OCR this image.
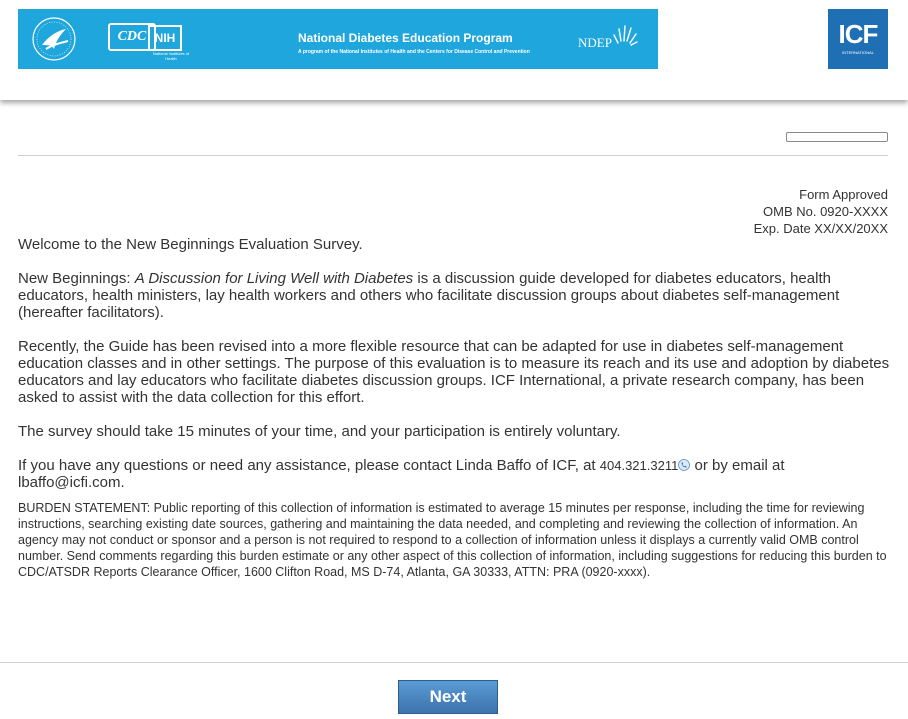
CDC NIH
National Institutes of Health
National Diabetes Education Program
A program of the National Institutes of Health and the Centers for Disease Control and Prevention
NDEP	ICF
INTERNATIONAL
Form Approved
OMB No. 0920-XXXX
Exp. Date XX/XX/20XX

Welcome to the New Beginnings Evaluation Survey.

New Beginnings: A Discussion for Living Well with Diabetes is a discussion guide developed for diabetes educators, health educators, health ministers, lay health workers and others who facilitate discussion groups about diabetes self-management (hereafter facilitators).

Recently, the Guide has been revised into a more flexible resource that can be adapted for use in diabetes self-management education classes and in other settings. The purpose of this evaluation is to measure its reach and its use and adoption by diabetes educators and lay educators who facilitate diabetes discussion groups. ICF International, a private research company, has been asked to assist with the data collection for this effort.

The survey should take 15 minutes of your time, and your participation is entirely voluntary.

If you have any questions or need any assistance, please contact Linda Baffo of ICF, at 404.321.3211 or by email at lbaffo@icfi.com.

BURDEN STATEMENT: Public reporting of this collection of information is estimated to average 15 minutes per response, including the time for reviewing instructions, searching existing date sources, gathering and maintaining the data needed, and completing and reviewing the collection of information. An agency may not conduct or sponsor and a person is not required to respond to a collection of information unless it displays a currently valid OMB control number. Send comments regarding this burden estimate or any other aspect of this collection of information, including suggestions for reducing this burden to CDC/ATSDR Reports Clearance Officer, 1600 Clifton Road, MS D-74, Atlanta, GA 30333, ATTN: PRA (0920-xxxx).

Next
